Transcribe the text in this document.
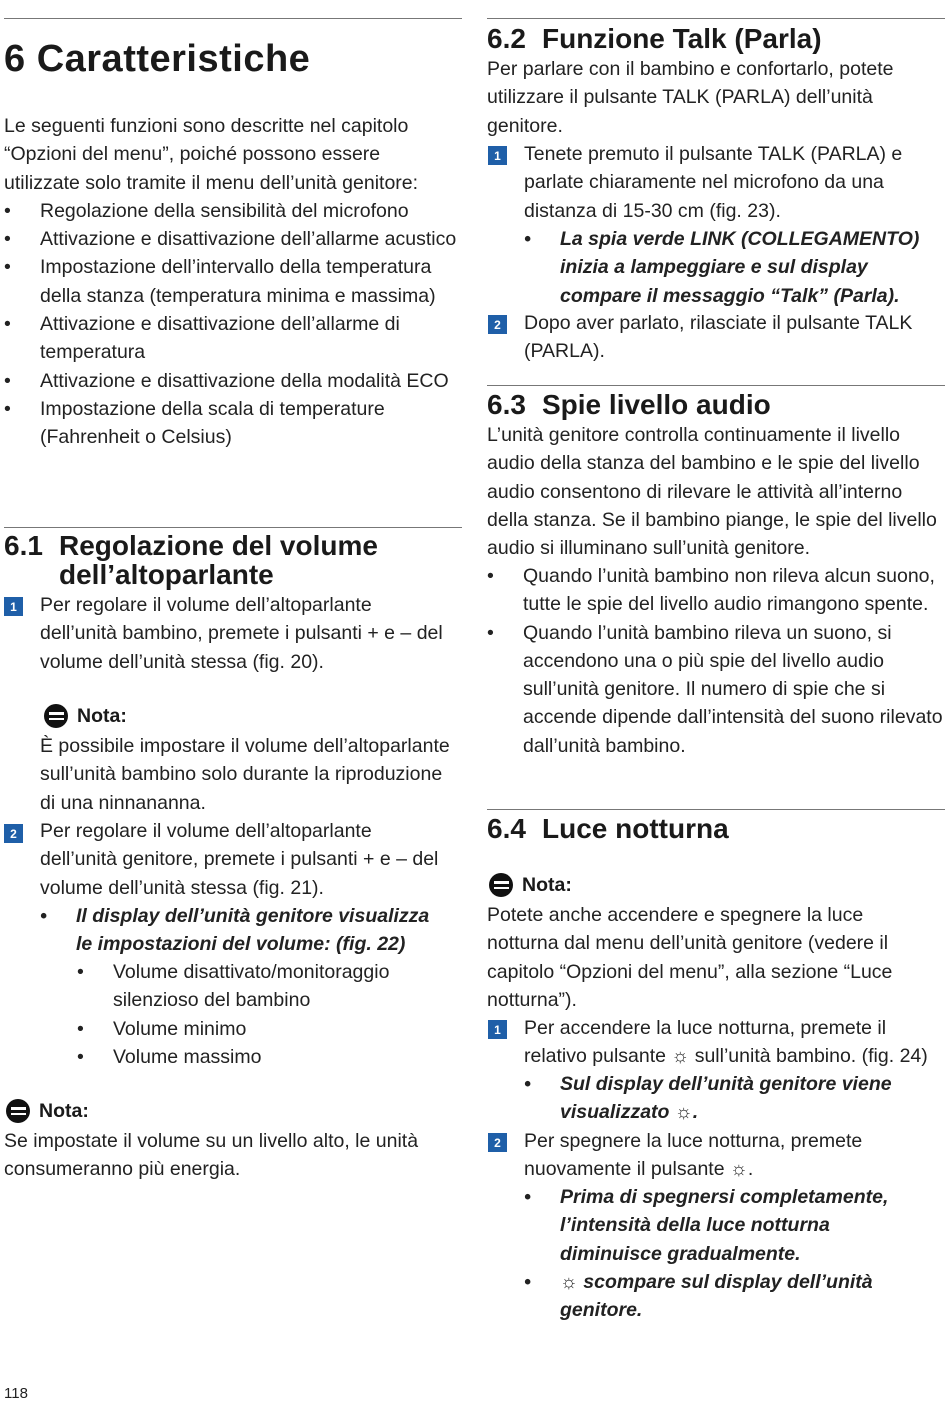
6 Caratteristiche
Le seguenti funzioni sono descritte nel capitolo “Opzioni del menu”, poiché possono essere utilizzate solo tramite il menu dell’unità genitore:
• Regolazione della sensibilità del microfono
• Attivazione e disattivazione dell’allarme acustico
• Impostazione dell’intervallo della temperatura della stanza (temperatura minima e massima)
• Attivazione e disattivazione dell’allarme di temperatura
• Attivazione e disattivazione della modalità ECO
• Impostazione della scala di temperature (Fahrenheit o Celsius)
6.1 Regolazione del volume
dell’altoparlante
1	Per regolare il volume dell’altoparlante dell’unità bambino, premete i pulsanti + e – del volume dell’unità stessa (fig. 20).
Nota:
È possibile impostare il volume dell’altoparlante sull’unità bambino solo durante la riproduzione di una ninnananna.
2	Per regolare il volume dell’altoparlante dell’unità genitore, premete i pulsanti + e – del volume dell’unità stessa (fig. 21).
• Il display dell’unità genitore visualizza le impostazioni del volume: (fig. 22)
• Volume disattivato/monitoraggio silenzioso del bambino
• Volume minimo
• Volume massimo
Nota:
Se impostate il volume su un livello alto, le unità consumeranno più energia.
118
6.2 Funzione Talk (Parla)
Per parlare con il bambino e confortarlo, potete utilizzare il pulsante TALK (PARLA) dell’unità genitore.
1	Tenete premuto il pulsante TALK (PARLA) e parlate chiaramente nel microfono da una distanza di 15-30 cm (fig. 23).
• La spia verde LINK (COLLEGAMENTO) inizia a lampeggiare e sul display compare il messaggio “Talk” (Parla).
2	Dopo aver parlato, rilasciate il pulsante TALK (PARLA).
6.3 Spie livello audio
L’unità genitore controlla continuamente il livello audio della stanza del bambino e le spie del livello audio consentono di rilevare le attività all’interno della stanza. Se il bambino piange, le spie del livello audio si illuminano sull’unità genitore.
• Quando l’unità bambino non rileva alcun suono, tutte le spie del livello audio rimangono spente.
• Quando l’unità bambino rileva un suono, si accendono una o più spie del livello audio sull’unità genitore. Il numero di spie che si accende dipende dall’intensità del suono rilevato dall’unità bambino.
6.4 Luce notturna
Nota:
Potete anche accendere e spegnere la luce notturna dal menu dell’unità genitore (vedere il capitolo “Opzioni del menu”, alla sezione “Luce notturna”).
1	Per accendere la luce notturna, premete il relativo pulsante ☼ sull’unità bambino. (fig. 24)
• Sul display dell’unità genitore viene visualizzato ☼.
2	Per spegnere la luce notturna, premete nuovamente il pulsante ☼.
• Prima di spegnersi completamente, l’intensità della luce notturna diminuisce gradualmente.
• ☼ scompare sul display dell’unità genitore.
